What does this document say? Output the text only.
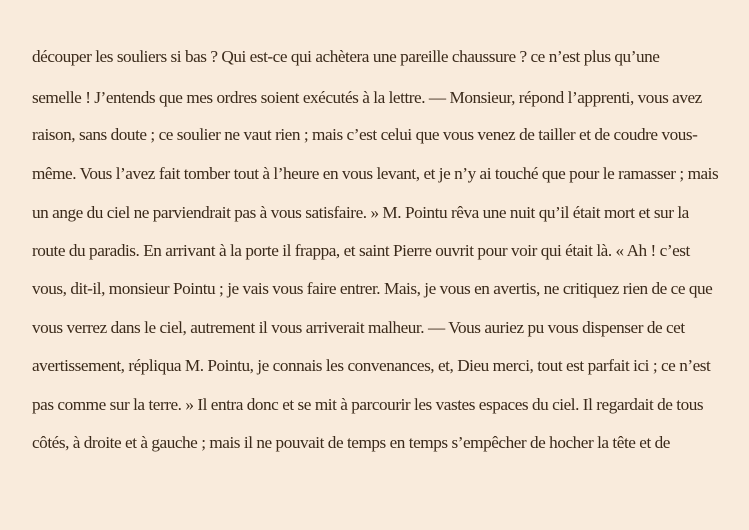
découper les souliers si bas ? Qui est-ce qui achètera une pareille chaussure ? ce n’est plus qu’une
semelle ! J’entends que mes ordres soient exécutés à la lettre. — Monsieur, répond l’apprenti, vous avez
raison, sans doute ; ce soulier ne vaut rien ; mais c’est celui que vous venez de tailler et de coudre vous-
même. Vous l’avez fait tomber tout à l’heure en vous levant, et je n’y ai touché que pour le ramasser ; mais
un ange du ciel ne parviendrait pas à vous satisfaire. » M. Pointu rêva une nuit qu’il était mort et sur la
route du paradis. En arrivant à la porte il frappa, et saint Pierre ouvrit pour voir qui était là. « Ah ! c’est
vous, dit-il, monsieur Pointu ; je vais vous faire entrer. Mais, je vous en avertis, ne critiquez rien de ce que
vous verrez dans le ciel, autrement il vous arriverait malheur. — Vous auriez pu vous dispenser de cet
avertissement, répliqua M. Pointu, je connais les convenances, et, Dieu merci, tout est parfait ici ; ce n’est
pas comme sur la terre. » Il entra donc et se mit à parcourir les vastes espaces du ciel. Il regardait de tous
côtés, à droite et à gauche ; mais il ne pouvait de temps en temps s’empêcher de hocher la tête et de
